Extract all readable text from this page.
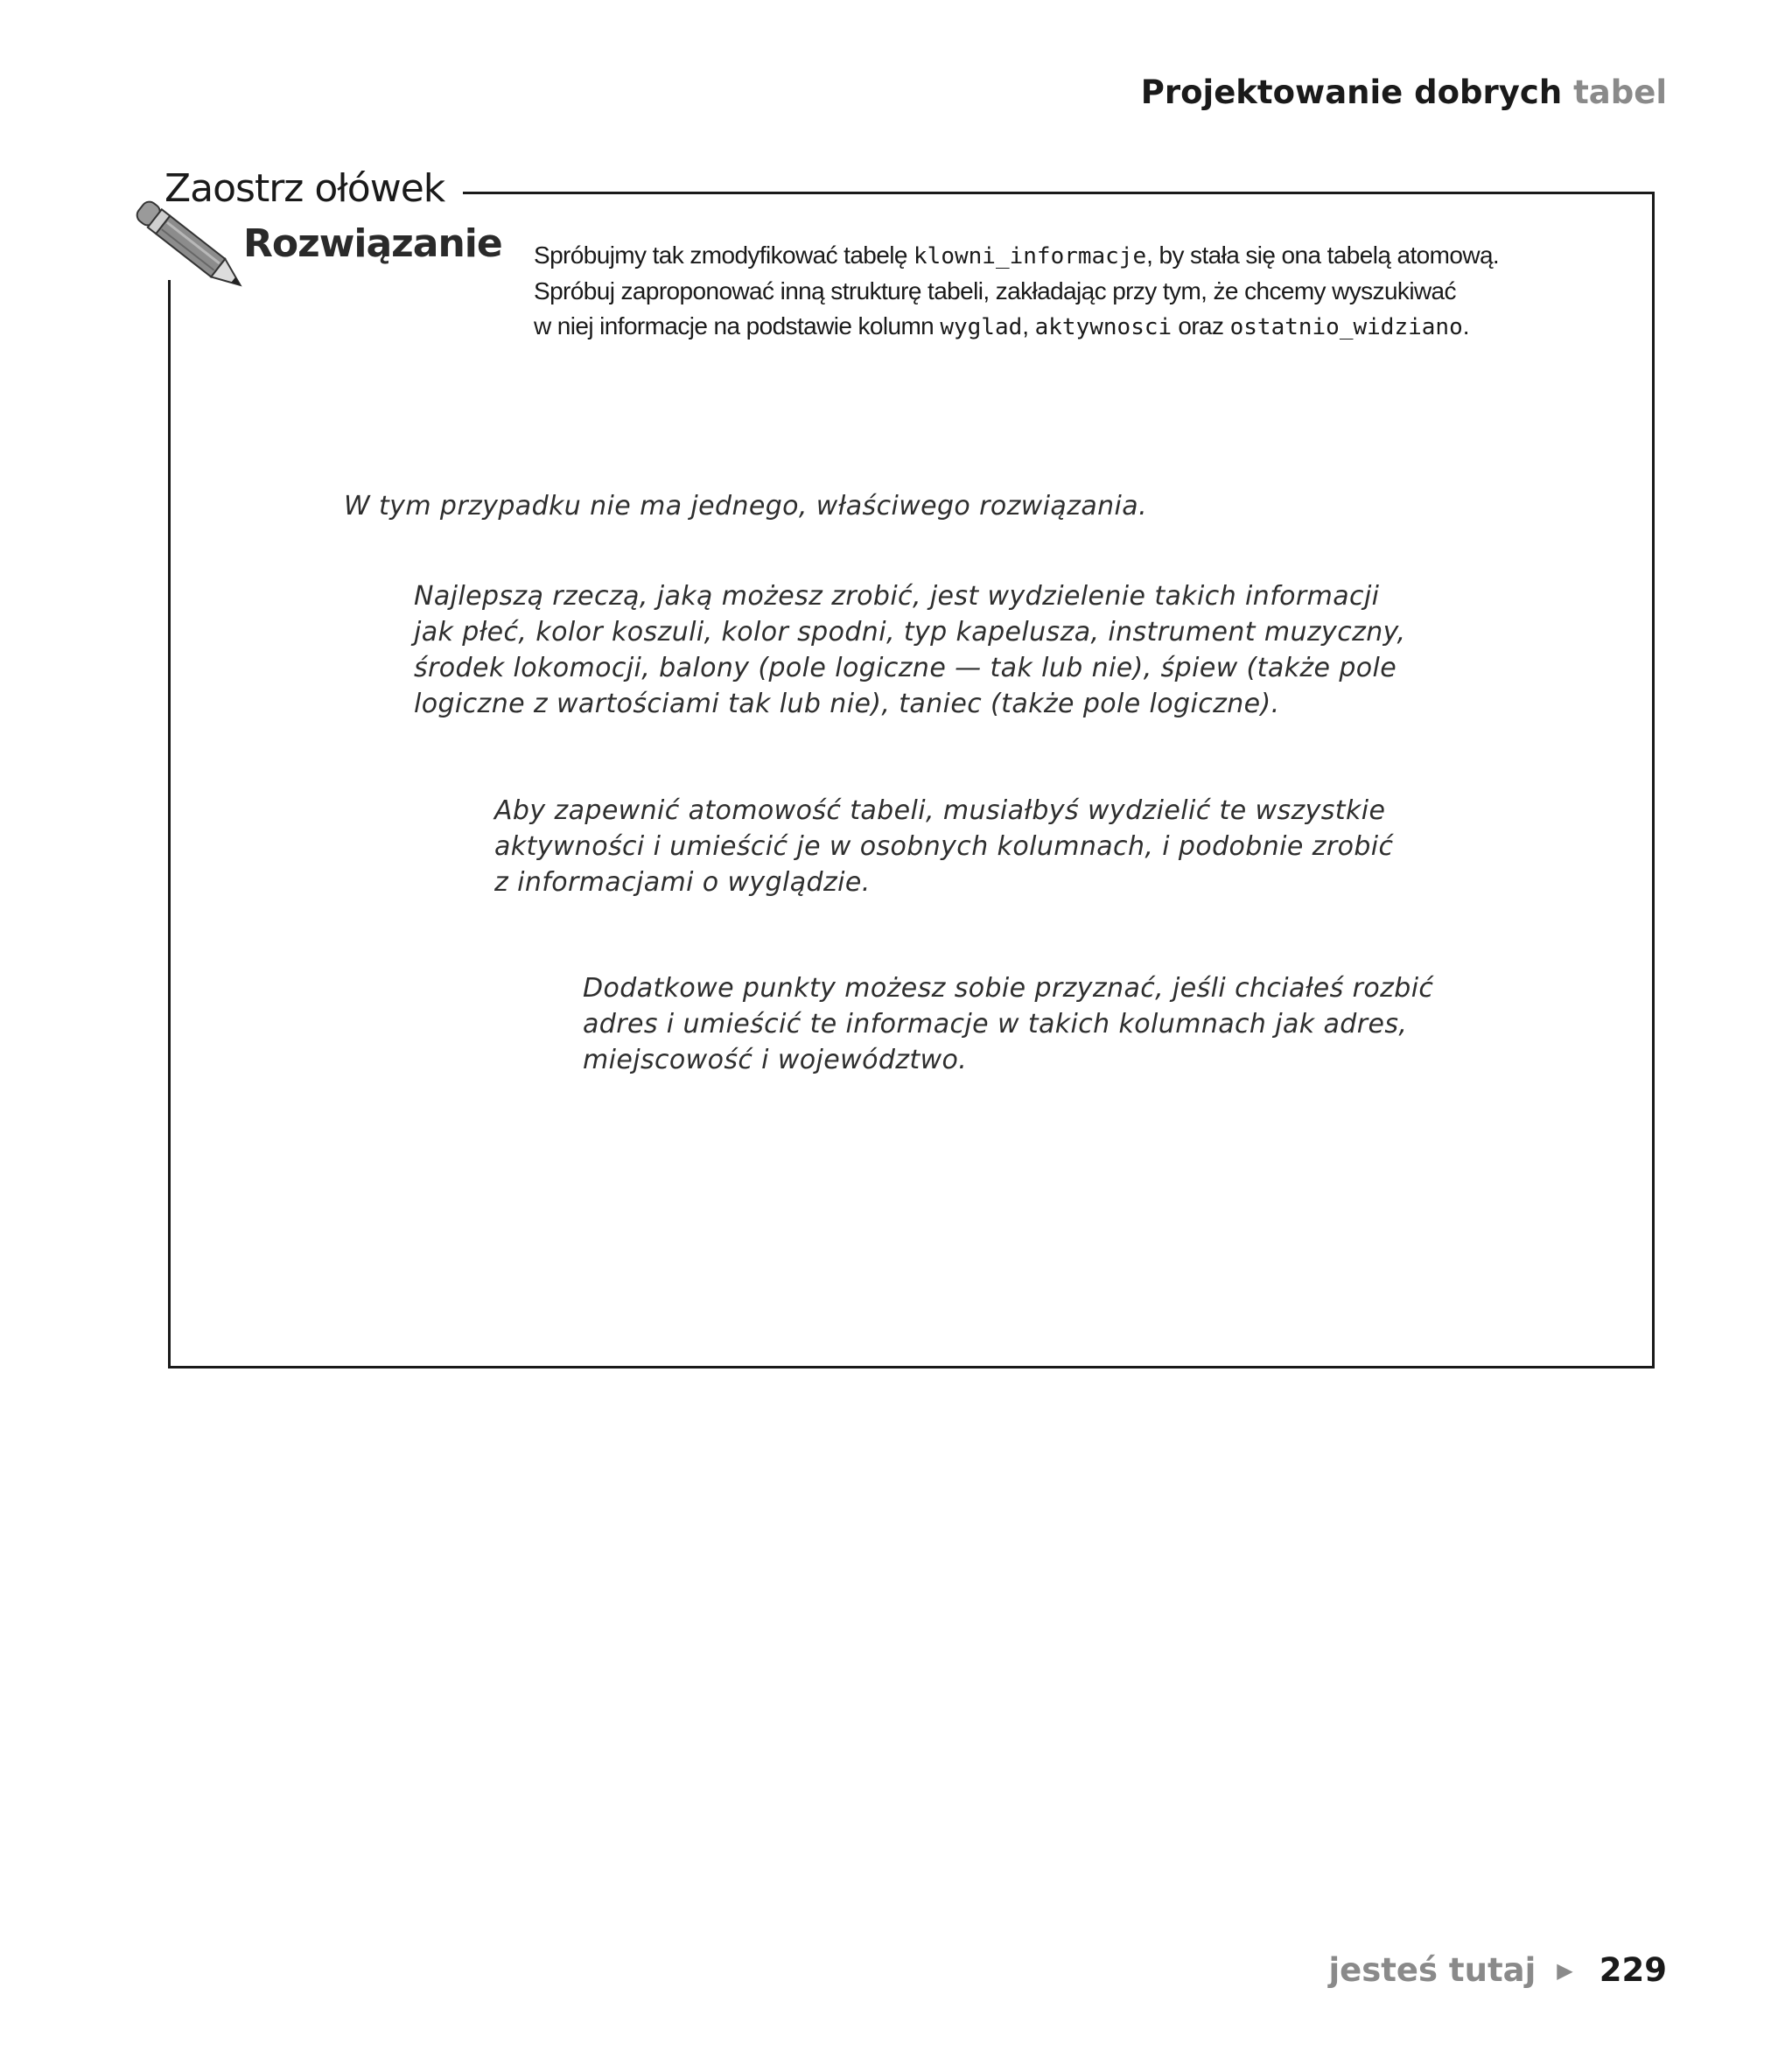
Projektowanie dobrych tabel
Zaostrz ołówek
Rozwiązanie Spróbujmy tak zmodyfikować tabelę klowni_informacje, by stała się ona tabelą atomową.
Spróbuj zaproponować inną strukturę tabeli, zakładając przy tym, że chcemy wyszukiwać
w niej informacje na podstawie kolumn wyglad, aktywnosci oraz ostatnio_widziano.
W tym przypadku nie ma jednego, właściwego rozwiązania.
Najlepszą rzeczą, jaką możesz zrobić, jest wydzielenie takich informacji
jak płeć, kolor koszuli, kolor spodni, typ kapelusza, instrument muzyczny,
środek lokomocji, balony (pole logiczne — tak lub nie), śpiew (także pole
logiczne z wartościami tak lub nie), taniec (także pole logiczne).
Aby zapewnić atomowość tabeli, musiałbyś wydzielić te wszystkie
aktywności i umieścić je w osobnych kolumnach, i podobnie zrobić
z informacjami o wyglądzie.
Dodatkowe punkty możesz sobie przyznać, jeśli chciałeś rozbić
adres i umieścić te informacje w takich kolumnach jak adres,
miejscowość i województwo.
jesteś tutaj ▶ 229
